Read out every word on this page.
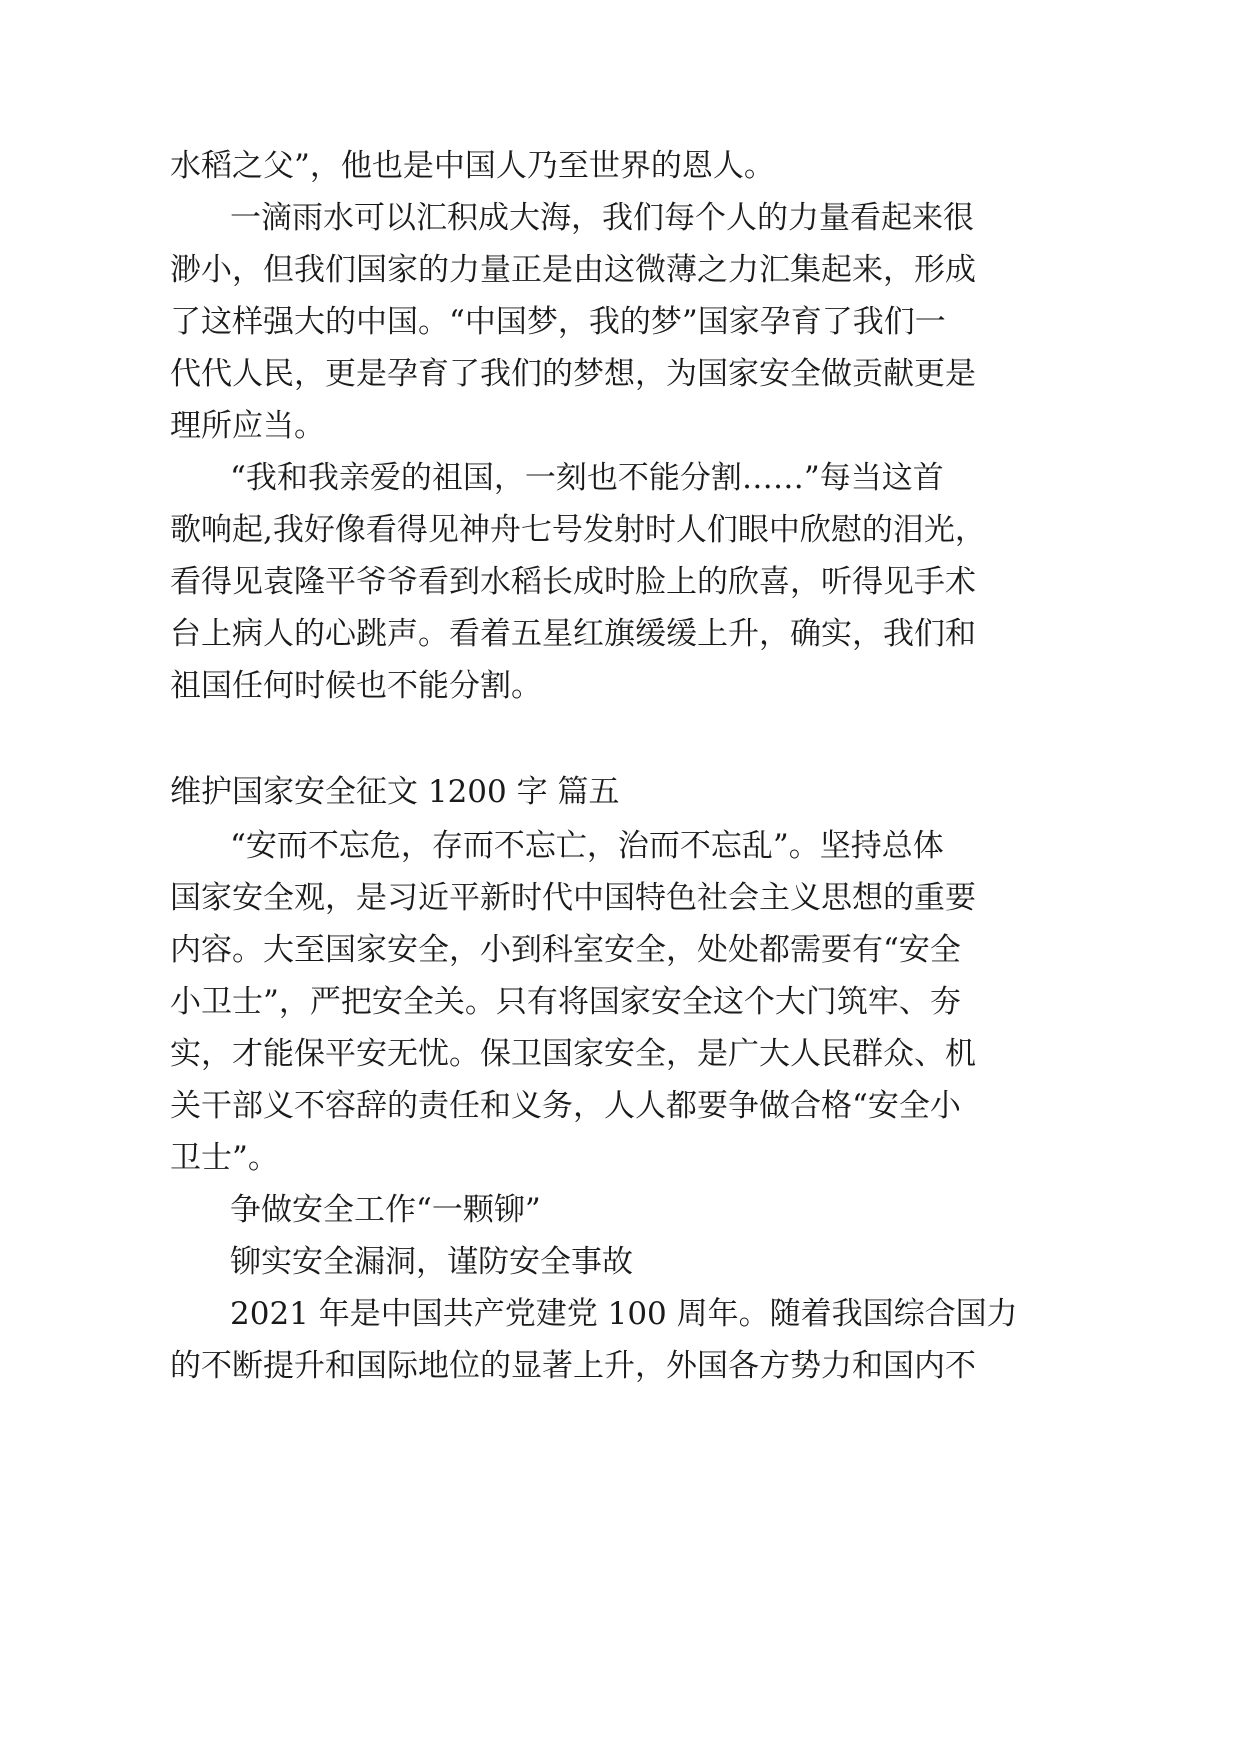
水稻之父”，他也是中国人乃至世界的恩人。
一滴雨水可以汇积成大海，我们每个人的力量看起来很
渺小，但我们国家的力量正是由这微薄之力汇集起来，形成
了这样强大的中国。“中国梦，我的梦”国家孕育了我们一
代代人民，更是孕育了我们的梦想，为国家安全做贡献更是
理所应当。
“我和我亲爱的祖国，一刻也不能分割……”每当这首
歌响起,我好像看得见神舟七号发射时人们眼中欣慰的泪光，
看得见袁隆平爷爷看到水稻长成时脸上的欣喜，听得见手术
台上病人的心跳声。看着五星红旗缓缓上升，确实，我们和
祖国任何时候也不能分割。
维护国家安全征文 1200 字 篇五
“安而不忘危，存而不忘亡，治而不忘乱”。坚持总体
国家安全观，是习近平新时代中国特色社会主义思想的重要
内容。大至国家安全，小到科室安全，处处都需要有“安全
小卫士”，严把安全关。只有将国家安全这个大门筑牢、夯
实，才能保平安无忧。保卫国家安全，是广大人民群众、机
关干部义不容辞的责任和义务，人人都要争做合格“安全小
卫士”。
争做安全工作“一颗铆”
铆实安全漏洞，谨防安全事故
2021 年是中国共产党建党 100 周年。随着我国综合国力
的不断提升和国际地位的显著上升，外国各方势力和国内不
